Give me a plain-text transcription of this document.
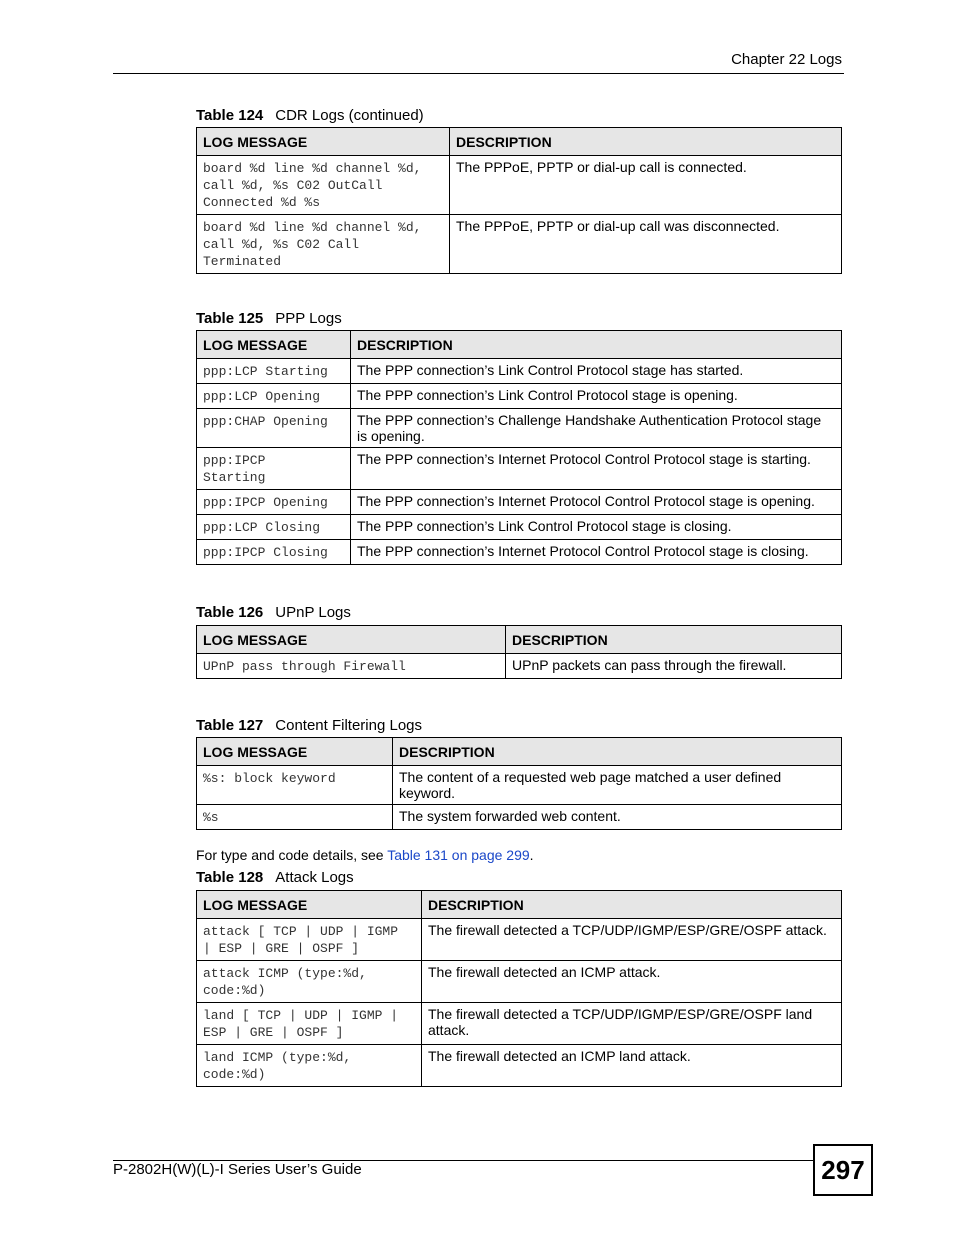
Chapter 22 Logs
Table 124 CDR Logs (continued)
LOG MESSAGE	DESCRIPTION
board %d line %d channel %d,
call %d, %s C02 OutCall
Connected %d %s	The PPPoE, PPTP or dial-up call is connected.
board %d line %d channel %d,
call %d, %s C02 Call
Terminated	The PPPoE, PPTP or dial-up call was disconnected.
Table 125 PPP Logs
LOG MESSAGE	DESCRIPTION
ppp:LCP Starting	The PPP connection’s Link Control Protocol stage has started.
ppp:LCP Opening	The PPP connection’s Link Control Protocol stage is opening.
ppp:CHAP Opening	The PPP connection’s Challenge Handshake Authentication Protocol stage is opening.
ppp:IPCP
Starting	The PPP connection’s Internet Protocol Control Protocol stage is starting.
ppp:IPCP Opening	The PPP connection’s Internet Protocol Control Protocol stage is opening.
ppp:LCP Closing	The PPP connection’s Link Control Protocol stage is closing.
ppp:IPCP Closing	The PPP connection’s Internet Protocol Control Protocol stage is closing.
Table 126 UPnP Logs
LOG MESSAGE	DESCRIPTION
UPnP pass through Firewall	UPnP packets can pass through the firewall.
Table 127 Content Filtering Logs
LOG MESSAGE	DESCRIPTION
%s: block keyword	The content of a requested web page matched a user defined keyword.
%s	The system forwarded web content.
For type and code details, see Table 131 on page 299.
Table 128 Attack Logs
LOG MESSAGE	DESCRIPTION
attack [ TCP | UDP | IGMP
| ESP | GRE | OSPF ]	The firewall detected a TCP/UDP/IGMP/ESP/GRE/OSPF attack.
attack ICMP (type:%d,
code:%d)	The firewall detected an ICMP attack.
land [ TCP | UDP | IGMP |
ESP | GRE | OSPF ]	The firewall detected a TCP/UDP/IGMP/ESP/GRE/OSPF land attack.
land ICMP (type:%d,
code:%d)	The firewall detected an ICMP land attack.
P-2802H(W)(L)-I Series User’s Guide	297
